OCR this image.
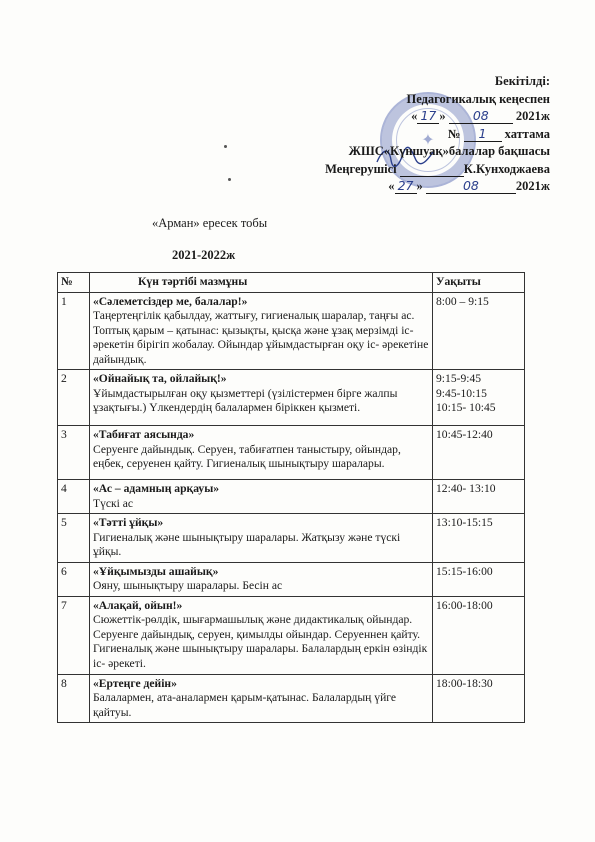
✦
Бекітілді:
Педагогикалық кеңеспен
« 17 » 08 2021ж
№ 1 хаттама
ЖШС«Күншуақ»балалар бақшасы
Меңгерушісі	К.Кунходжаева
« 27 »	08	2021ж
«Арман» ересек тобы
2021-2022ж
№	Күн тәртібі мазмұны	Уақыты
1	«Сәлеметсіздер ме, балалар!»
Таңертеңгілік қабылдау, жаттығу, гигиеналық шаралар, таңғы ас. Топтық қарым – қатынас: қызықты, қысқа және ұзақ мерзімді іс- әрекетін бірігіп жобалау. Ойындар ұйымдастырған оқу іс- әрекетіне дайындық.	8:00 – 9:15
2	«Ойнайық та, ойлайық!»
Ұйымдастырылған оқу қызметтері (үзілістермен бірге жалпы ұзақтығы.) Үлкендердің балалармен біріккен қызметі.	9:15-9:45
9:45-10:15
10:15- 10:45
3	«Табиғат аясында»
Серуенге дайындық. Серуен, табиғатпен таныстыру, ойындар, еңбек, серуенен қайту. Гигиеналық шынықтыру шаралары.	10:45-12:40
4	«Ас – адамның арқауы»
Түскі ас	12:40- 13:10
5	«Тәтті ұйқы»
Гигиеналық және шынықтыру шаралары. Жатқызу және түскі ұйқы.	13:10-15:15
6	«Ұйқымызды ашайық»
Ояну, шынықтыру шаралары. Бесін ас	15:15-16:00
7	«Алақай, ойын!»
Сюжеттік-рөлдік, шығармашылық және дидактикалық ойындар. Серуенге дайындық, серуен, қимылды ойындар. Серуеннен қайту. Гигиеналық және шынықтыру шаралары. Балалардың еркін өзіндік іс- әрекеті.	16:00-18:00
8	«Ертеңге дейін»
Балалармен, ата-аналармен қарым-қатынас. Балалардың үйге қайтуы.	18:00-18:30
